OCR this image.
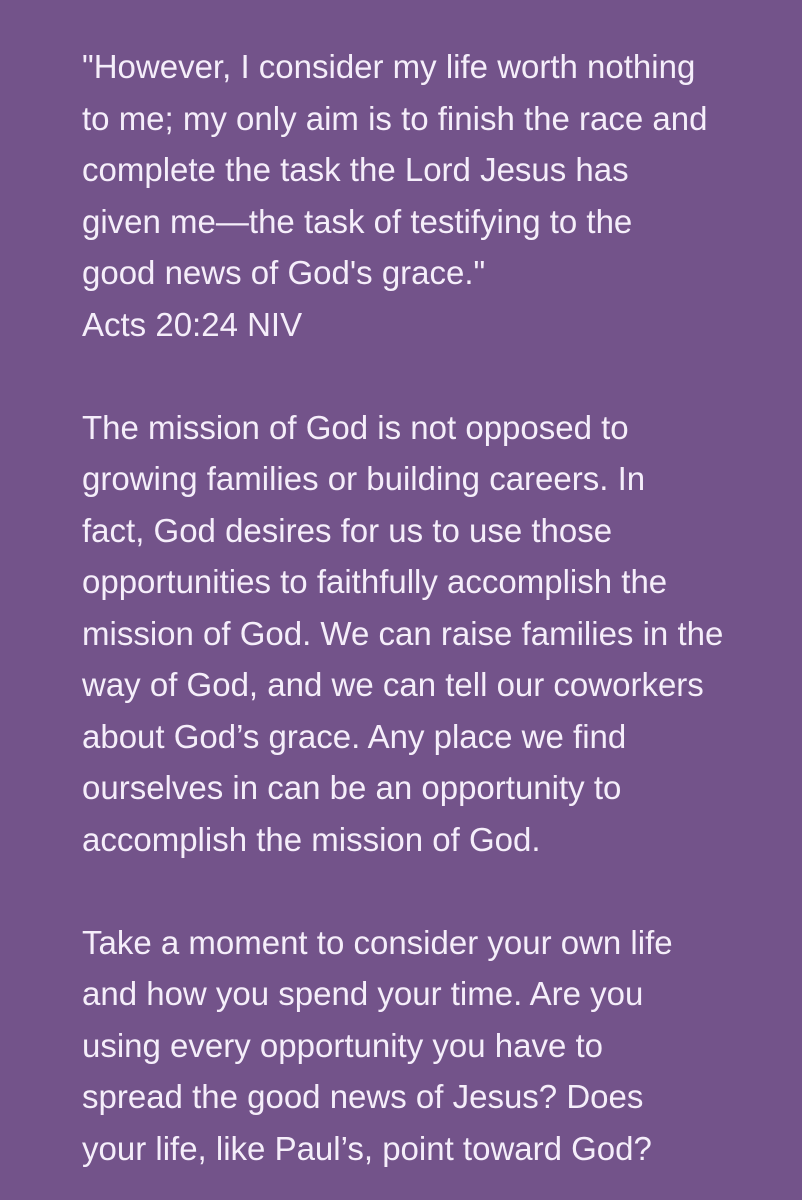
"However, I consider my life worth nothing
to me; my only aim is to finish the race and
complete the task the Lord Jesus has
given me—the task of testifying to the
good news of God's grace."

Acts 20:24 NIV

The mission of God is not opposed to
growing families or building careers. In
fact, God desires for us to use those
opportunities to faithfully accomplish the
mission of God. We can raise families in the
way of God, and we can tell our coworkers
about God’s grace. Any place we find
ourselves in can be an opportunity to
accomplish the mission of God.
Take a moment to consider your own life
and how you spend your time. Are you
using every opportunity you have to
spread the good news of Jesus? Does
your life, like Paul’s, point toward God?
